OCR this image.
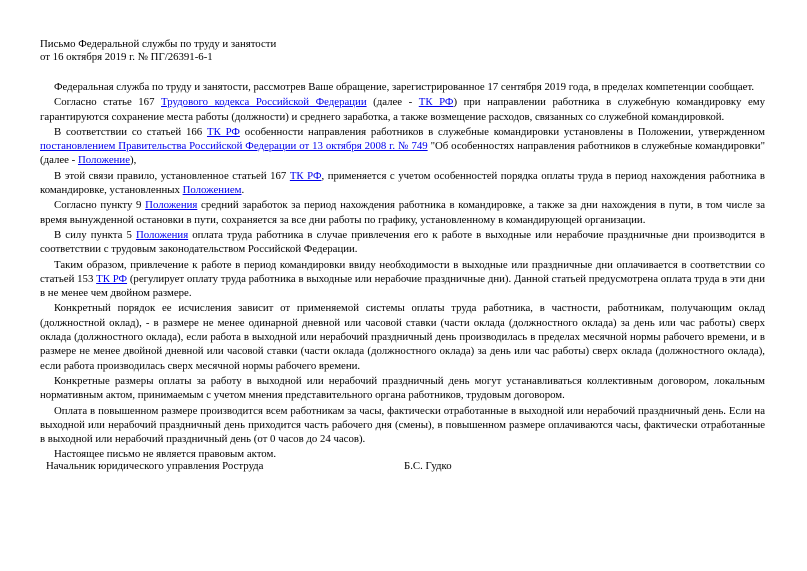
Письмо Федеральной службы по труду и занятости
от 16 октября 2019 г. № ПГ/26391-6-1

Федеральная служба по труду и занятости, рассмотрев Ваше обращение, зарегистрированное 17 сентября 2019 года, в пределах компетенции сообщает.

Согласно статье 167 Трудового кодекса Российской Федерации (далее - ТК РФ) при направлении работника в служебную командировку ему гарантируются сохранение места работы (должности) и среднего заработка, а также возмещение расходов, связанных со служебной командировкой.

В соответствии со статьей 166 ТК РФ особенности направления работников в служебные командировки установлены в Положении, утвержденном постановлением Правительства Российской Федерации от 13 октября 2008 г. № 749 "Об особенностях направления работников в служебные командировки" (далее - Положение),

В этой связи правило, установленное статьей 167 ТК РФ, применяется с учетом особенностей порядка оплаты труда в период нахождения работника в командировке, установленных Положением.

Согласно пункту 9 Положения средний заработок за период нахождения работника в командировке, а также за дни нахождения в пути, в том числе за время вынужденной остановки в пути, сохраняется за все дни работы по графику, установленному в командирующей организации.

В силу пункта 5 Положения оплата труда работника в случае привлечения его к работе в выходные или нерабочие праздничные дни производится в соответствии с трудовым законодательством Российской Федерации.

Таким образом, привлечение к работе в период командировки ввиду необходимости в выходные или праздничные дни оплачивается в соответствии со статьей 153 ТК РФ (регулирует оплату труда работника в выходные или нерабочие праздничные дни). Данной статьей предусмотрена оплата труда в эти дни в не менее чем двойном размере.

Конкретный порядок ее исчисления зависит от применяемой системы оплаты труда работника, в частности, работникам, получающим оклад (должностной оклад), - в размере не менее одинарной дневной или часовой ставки (части оклада (должностного оклада) за день или час работы) сверх оклада (должностного оклада), если работа в выходной или нерабочий праздничный день производилась в пределах месячной нормы рабочего времени, и в размере не менее двойной дневной или часовой ставки (части оклада (должностного оклада) за день или час работы) сверх оклада (должностного оклада), если работа производилась сверх месячной нормы рабочего времени.

Конкретные размеры оплаты за работу в выходной или нерабочий праздничный день могут устанавливаться коллективным договором, локальным нормативным актом, принимаемым с учетом мнения представительного органа работников, трудовым договором.

Оплата в повышенном размере производится всем работникам за часы, фактически отработанные в выходной или нерабочий праздничный день. Если на выходной или нерабочий праздничный день приходится часть рабочего дня (смены), в повышенном размере оплачиваются часы, фактически отработанные в выходной или нерабочий праздничный день (от 0 часов до 24 часов).

Настоящее письмо не является правовым актом.

Начальник юридического управления Роструда	Б.С. Гудко
